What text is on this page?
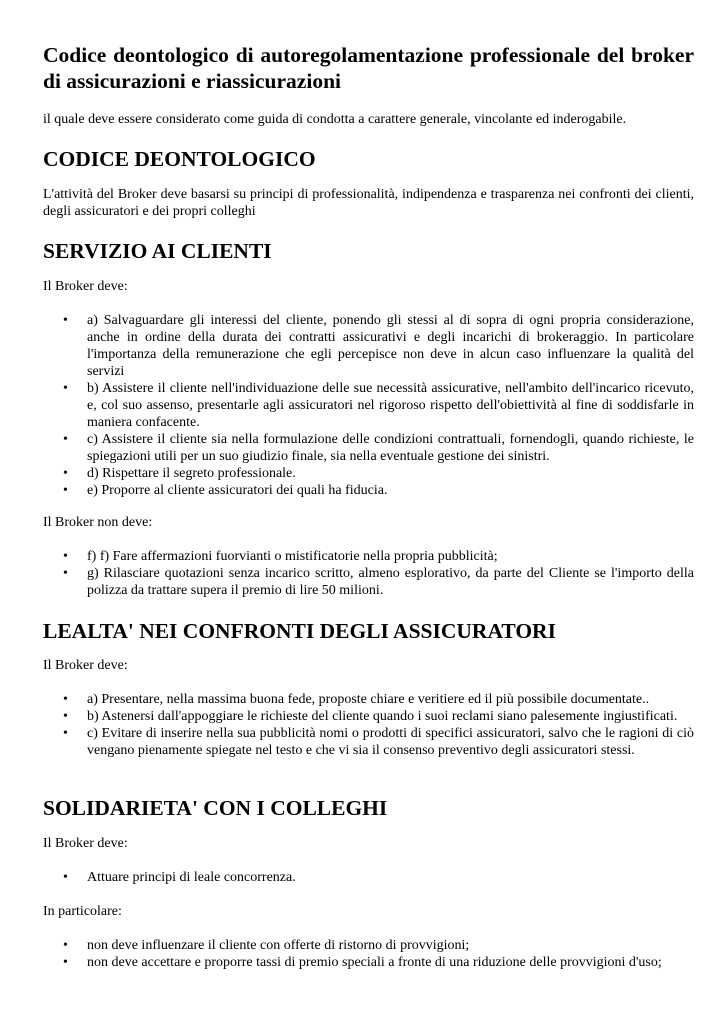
Codice deontologico di autoregolamentazione professionale del broker di assicurazioni e riassicurazioni

il quale deve essere considerato come guida di condotta a carattere generale, vincolante ed inderogabile.

CODICE DEONTOLOGICO

L'attività del Broker deve basarsi su principi di professionalità, indipendenza e trasparenza nei confronti dei clienti, degli assicuratori e dei propri colleghi

SERVIZIO AI CLIENTI

Il Broker deve:

• a) Salvaguardare gli interessi del cliente, ponendo gli stessi al di sopra di ogni propria considerazione, anche in ordine della durata dei contratti assicurativi e degli incarichi di brokeraggio. In particolare l'importanza della remunerazione che egli percepisce non deve in alcun caso influenzare la qualità del servizi
• b) Assistere il cliente nell'individuazione delle sue necessità assicurative, nell'ambito dell'incarico ricevuto, e, col suo assenso, presentarle agli assicuratori nel rigoroso rispetto dell'obiettività al fine di soddisfarle in maniera confacente.
• c) Assistere il cliente sia nella formulazione delle condizioni contrattuali, fornendogli, quando richieste, le spiegazioni utili per un suo giudizio finale, sia nella eventuale gestione dei sinistri.
• d) Rispettare il segreto professionale.
• e) Proporre al cliente assicuratori dei quali ha fiducia.

Il Broker non deve:

• f) f) Fare affermazioni fuorvianti o mistificatorie nella propria pubblicità;
• g) Rilasciare quotazioni senza incarico scritto, almeno esplorativo, da parte del Cliente se l'importo della polizza da trattare supera il premio di lire 50 milioni.
LEALTA' NEI CONFRONTI DEGLI ASSICURATORI

Il Broker deve:

• a) Presentare, nella massima buona fede, proposte chiare e veritiere ed il più possibile documentate..
• b) Astenersi dall'appoggiare le richieste del cliente quando i suoi reclami siano palesemente ingiustificati.
• c) Evitare di inserire nella sua pubblicità nomi o prodotti di specifici assicuratori, salvo che le ragioni di ciò vengano pienamente spiegate nel testo e che vi sia il consenso preventivo degli assicuratori stessi.
SOLIDARIETA' CON I COLLEGHI

Il Broker deve:

• Attuare principi di leale concorrenza.

In particolare:

• non deve influenzare il cliente con offerte di ristorno di provvigioni;
• non deve accettare e proporre tassi di premio speciali a fronte di una riduzione delle provvigioni d'uso;
